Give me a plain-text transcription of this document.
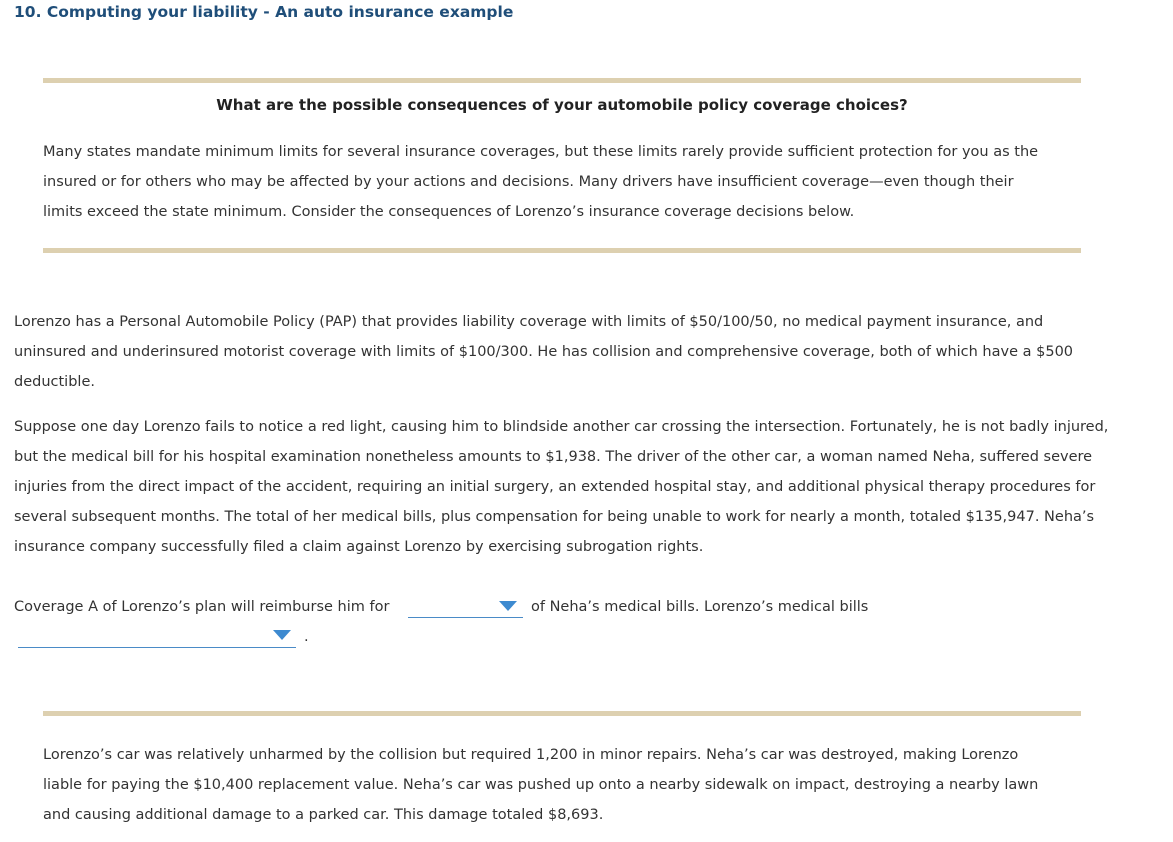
10. Computing your liability - An auto insurance example
What are the possible consequences of your automobile policy coverage choices?
Many states mandate minimum limits for several insurance coverages, but these limits rarely provide sufficient protection for you as the
insured or for others who may be affected by your actions and decisions. Many drivers have insufficient coverage—even though their
limits exceed the state minimum. Consider the consequences of Lorenzo’s insurance coverage decisions below.
Lorenzo has a Personal Automobile Policy (PAP) that provides liability coverage with limits of $50/100/50, no medical payment insurance, and
uninsured and underinsured motorist coverage with limits of $100/300. He has collision and comprehensive coverage, both of which have a $500
deductible.
Suppose one day Lorenzo fails to notice a red light, causing him to blindside another car crossing the intersection. Fortunately, he is not badly injured,
but the medical bill for his hospital examination nonetheless amounts to $1,938. The driver of the other car, a woman named Neha, suffered severe
injuries from the direct impact of the accident, requiring an initial surgery, an extended hospital stay, and additional physical therapy procedures for
several subsequent months. The total of her medical bills, plus compensation for being unable to work for nearly a month, totaled $135,947. Neha’s
insurance company successfully filed a claim against Lorenzo by exercising subrogation rights.
Coverage A of Lorenzo’s plan will reimburse him for	of Neha’s medical bills. Lorenzo’s medical bills
.
Lorenzo’s car was relatively unharmed by the collision but required 1,200 in minor repairs. Neha’s car was destroyed, making Lorenzo
liable for paying the $10,400 replacement value. Neha’s car was pushed up onto a nearby sidewalk on impact, destroying a nearby lawn
and causing additional damage to a parked car. This damage totaled $8,693.
